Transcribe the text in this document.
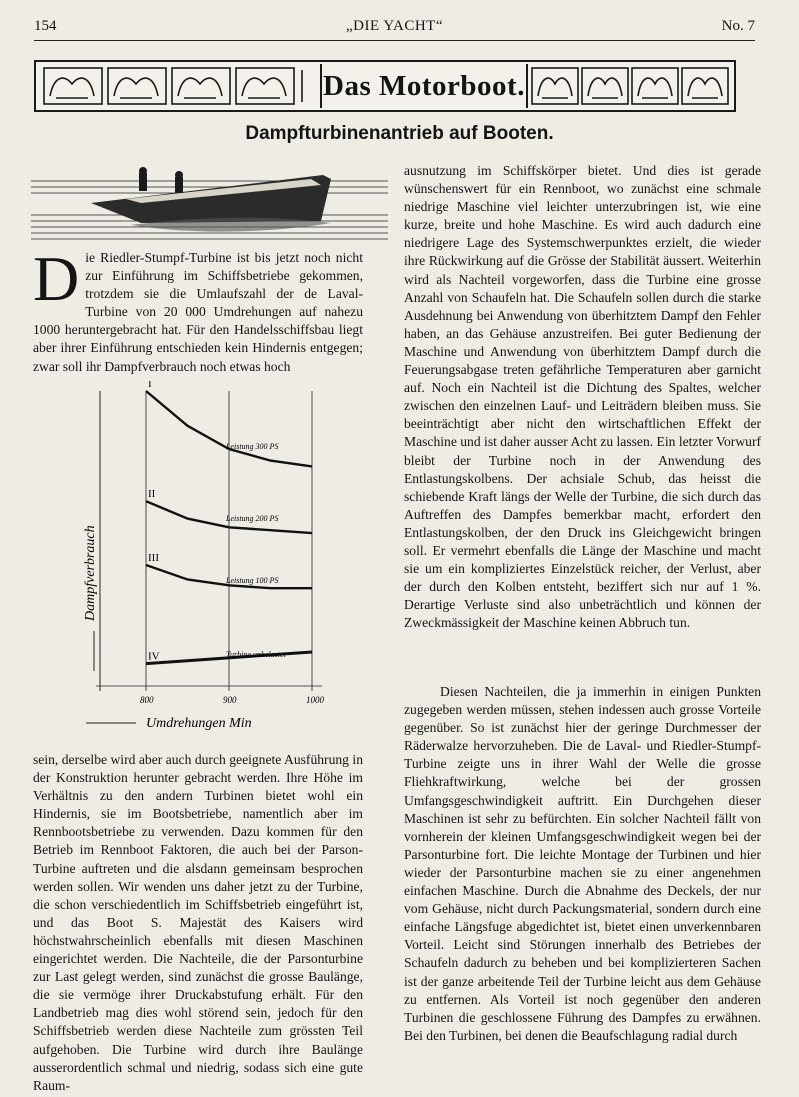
154	„DIE YACHT“	No. 7
Das Motorboot.
Dampfturbinenantrieb auf Booten.
D ie Riedler-Stumpf-Turbine ist bis jetzt noch nicht zur Einführung im Schiffsbetriebe gekommen, trotzdem sie die Umlaufszahl der de Laval-Turbine von 20 000 Umdrehungen auf nahezu 1000 heruntergebracht hat. Für den Handelsschiffsbau liegt aber ihrer Einführung entschieden kein Hindernis entgegen; zwar soll ihr Dampfverbrauch noch etwas hoch
800	900	1000
Umdrehungen Min
Dampfverbrauch
I
Leistung 300 PS
II
Leistung 200 PS
III
Leistung 100 PS
IV	Turbine unbelastet

sein, derselbe wird aber auch durch geeignete Ausführung in der Konstruktion herunter gebracht werden. Ihre Höhe im Verhältnis zu den andern Turbinen bietet wohl ein Hindernis, sie im Bootsbetriebe, namentlich aber im Rennbootsbetriebe zu verwenden. Dazu kommen für den Betrieb im Rennboot Faktoren, die auch bei der Parson-Turbine auftreten und die alsdann gemeinsam besprochen werden sollen. Wir wenden uns daher jetzt zu der Turbine, die schon verschiedentlich im Schiffsbetrieb eingeführt ist, und das Boot S. Majestät des Kaisers wird höchstwahrscheinlich ebenfalls mit diesen Maschinen eingerichtet werden. Die Nachteile, die der Parsonturbine zur Last gelegt werden, sind zunächst die grosse Baulänge, die sie vermöge ihrer Druckabstufung erhält. Für den Landbetrieb mag dies wohl störend sein, jedoch für den Schiffsbetrieb werden diese Nachteile zum grössten Teil aufgehoben. Die Turbine wird durch ihre Baulänge ausserordentlich schmal und niedrig, sodass sich eine gute Raum-

ausnutzung im Schiffskörper bietet. Und dies ist gerade wünschenswert für ein Rennboot, wo zunächst eine schmale niedrige Maschine viel leichter unterzubringen ist, wie eine kurze, breite und hohe Maschine. Es wird auch dadurch eine niedrigere Lage des Systemschwerpunktes erzielt, die wieder ihre Rückwirkung auf die Grösse der Stabilität äussert. Weiterhin wird als Nachteil vorgeworfen, dass die Turbine eine grosse Anzahl von Schaufeln hat. Die Schaufeln sollen durch die starke Ausdehnung bei Anwendung von überhitztem Dampf den Fehler haben, an das Gehäuse anzustreifen. Bei guter Bedienung der Maschine und Anwendung von überhitztem Dampf durch die Feuerungsabgase treten gefährliche Temperaturen aber garnicht auf. Noch ein Nachteil ist die Dichtung des Spaltes, welcher zwischen den einzelnen Lauf- und Leiträdern bleiben muss. Sie beeinträchtigt aber nicht den wirtschaftlichen Effekt der Maschine und ist daher ausser Acht zu lassen. Ein letzter Vorwurf bleibt der Turbine noch in der Anwendung des Entlastungskolbens. Der achsiale Schub, das heisst die schiebende Kraft längs der Welle der Turbine, die sich durch das Auftreffen des Dampfes bemerkbar macht, erfordert den Entlastungskolben, der den Druck ins Gleichgewicht bringen soll. Er vermehrt ebenfalls die Länge der Maschine und macht sie um ein kompliziertes Einzelstück reicher, der Verlust, aber der durch den Kolben entsteht, beziffert sich nur auf 1 %. Derartige Verluste sind also unbeträchtlich und können der Zweckmässigkeit der Maschine keinen Abbruch tun.

Diesen Nachteilen, die ja immerhin in einigen Punkten zugegeben werden müssen, stehen indessen auch grosse Vorteile gegenüber. So ist zunächst hier der geringe Durchmesser der Räderwalze hervorzuheben. Die de Laval- und Riedler-Stumpf-Turbine zeigte uns in ihrer Wahl der Welle die grosse Fliehkraftwirkung, welche bei der grossen Umfangsgeschwindigkeit auftritt. Ein Durchgehen dieser Maschinen ist sehr zu befürchten. Ein solcher Nachteil fällt von vornherein der kleinen Umfangsgeschwindigkeit wegen bei der Parsonturbine fort. Die leichte Montage der Turbinen und hier wieder der Parsonturbine machen sie zu einer angenehmen einfachen Maschine. Durch die Abnahme des Deckels, der nur vom Gehäuse, nicht durch Packungsmaterial, sondern durch eine einfache Längsfuge abgedichtet ist, bietet einen unverkennbaren Vorteil. Leicht sind Störungen innerhalb des Betriebes der Schaufeln dadurch zu beheben und bei komplizierteren Sachen ist der ganze arbeitende Teil der Turbine leicht aus dem Gehäuse zu entfernen. Als Vorteil ist noch gegenüber den anderen Turbinen die geschlossene Führung des Dampfes zu erwähnen. Bei den Turbinen, bei denen die Beaufschlagung radial durch
